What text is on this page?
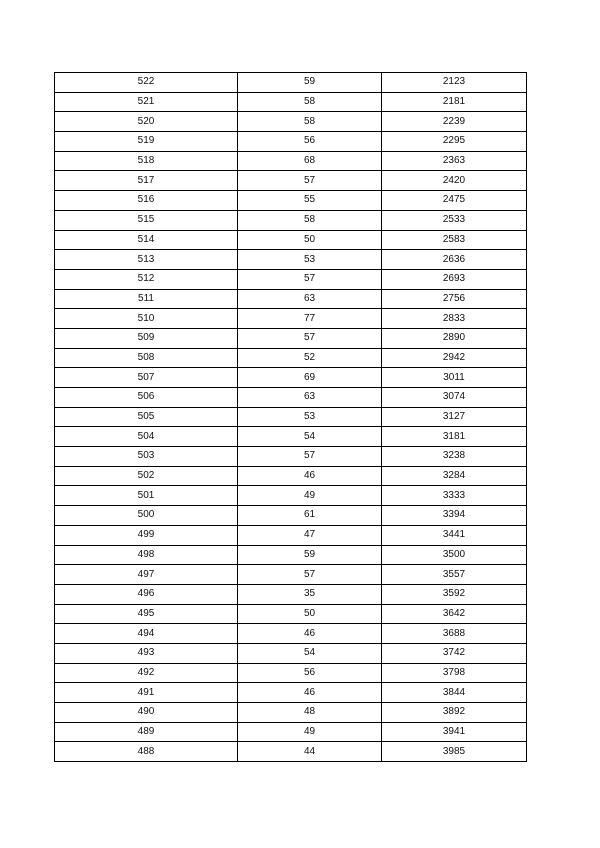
522	59	2123
521	58	2181
520	58	2239
519	56	2295
518	68	2363
517	57	2420
516	55	2475
515	58	2533
514	50	2583
513	53	2636
512	57	2693
511	63	2756
510	77	2833
509	57	2890
508	52	2942
507	69	3011
506	63	3074
505	53	3127
504	54	3181
503	57	3238
502	46	3284
501	49	3333
500	61	3394
499	47	3441
498	59	3500
497	57	3557
496	35	3592
495	50	3642
494	46	3688
493	54	3742
492	56	3798
491	46	3844
490	48	3892
489	49	3941
488	44	3985
